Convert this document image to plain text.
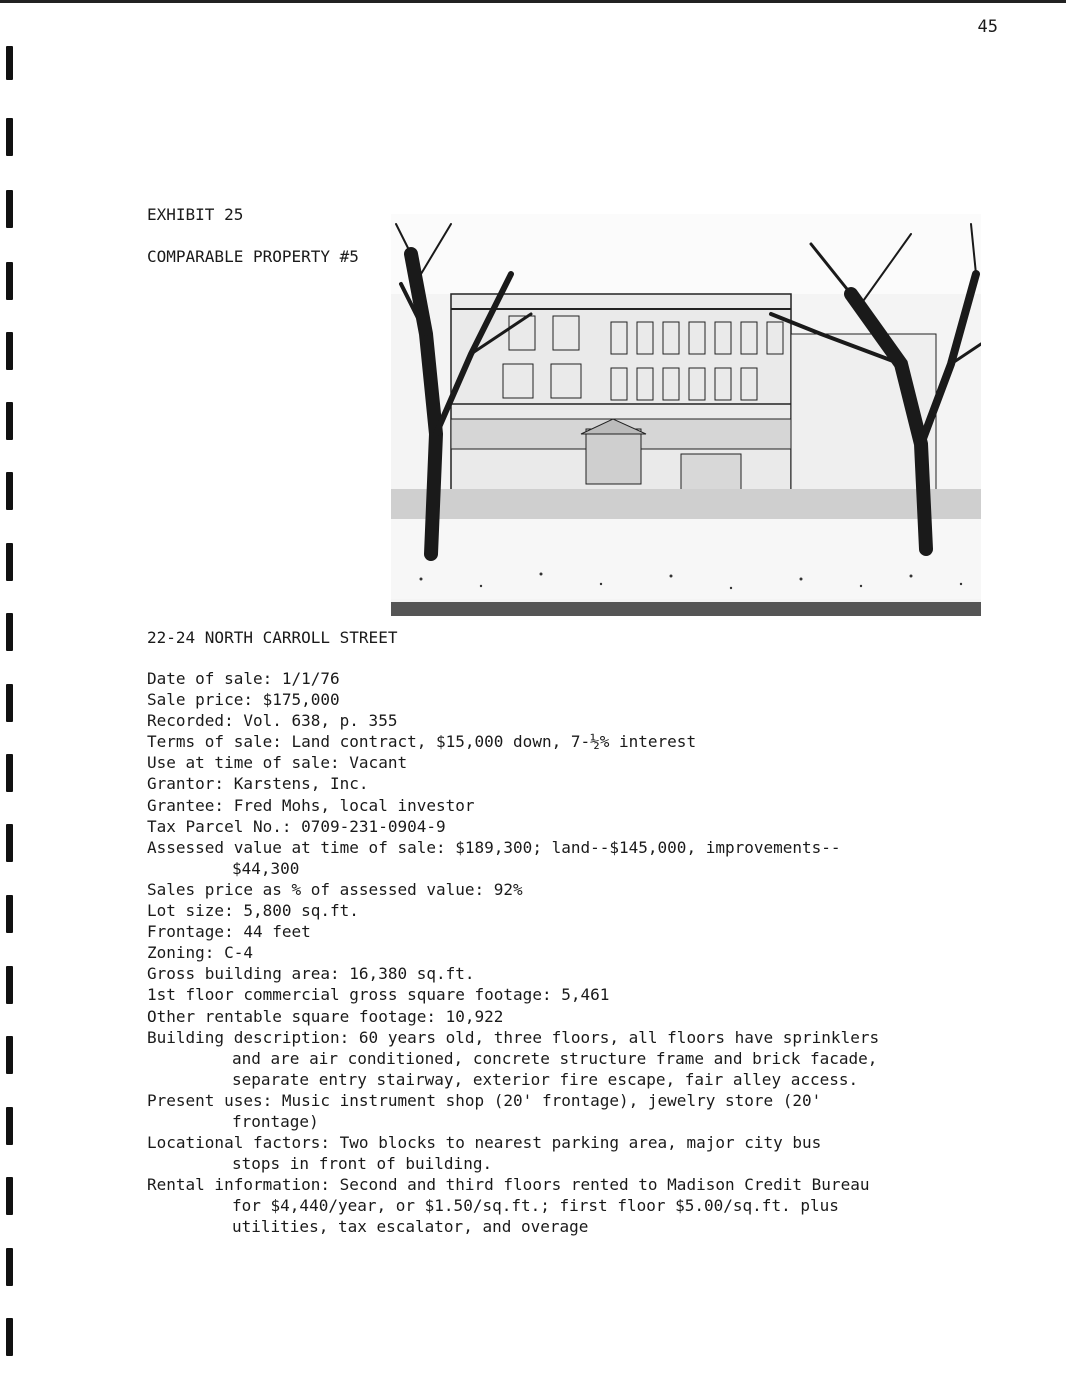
45
EXHIBIT 25
COMPARABLE PROPERTY #5
22-24 NORTH CARROLL STREET
Date of sale: 1/1/76
Sale price: $175,000
Recorded: Vol. 638, p. 355
Terms of sale: Land contract, $15,000 down, 7-½% interest
Use at time of sale: Vacant
Grantor: Karstens, Inc.
Grantee: Fred Mohs, local investor
Tax Parcel No.: 0709-231-0904-9
Assessed value at time of sale: $189,300; land--$145,000, improvements--
$44,300
Sales price as % of assessed value: 92%
Lot size: 5,800 sq.ft.
Frontage: 44 feet
Zoning: C-4
Gross building area: 16,380 sq.ft.
1st floor commercial gross square footage: 5,461
Other rentable square footage: 10,922
Building description: 60 years old, three floors, all floors have sprinklers
and are air conditioned, concrete structure frame and brick facade,
separate entry stairway, exterior fire escape, fair alley access.
Present uses: Music instrument shop (20' frontage), jewelry store (20'
frontage)
Locational factors: Two blocks to nearest parking area, major city bus
stops in front of building.
Rental information: Second and third floors rented to Madison Credit Bureau
for $4,440/year, or $1.50/sq.ft.; first floor $5.00/sq.ft. plus
utilities, tax escalator, and overage
